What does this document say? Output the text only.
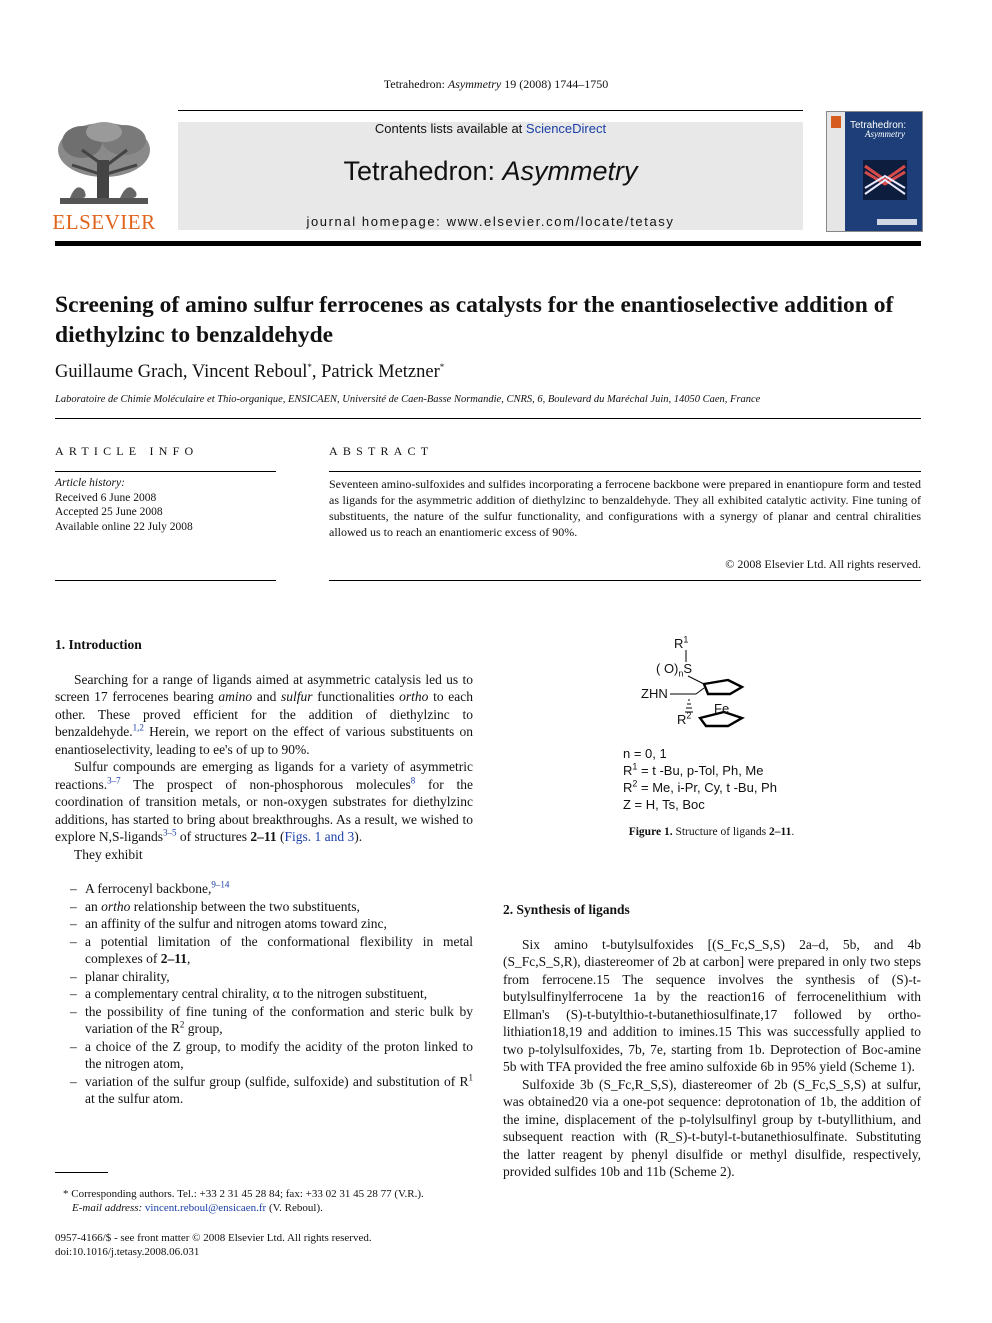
Tetrahedron: Asymmetry 19 (2008) 1744–1750
ELSEVIER
Contents lists available at ScienceDirect
Tetrahedron: Asymmetry
journal homepage: www.elsevier.com/locate/tetasy
Tetrahedron:
Asymmetry
Screening of amino sulfur ferrocenes as catalysts for the enantioselective addition of diethylzinc to benzaldehyde
Guillaume Grach, Vincent Reboul*, Patrick Metzner*
Laboratoire de Chimie Moléculaire et Thio-organique, ENSICAEN, Université de Caen-Basse Normandie, CNRS, 6, Boulevard du Maréchal Juin, 14050 Caen, France
ARTICLE INFO
Article history:
Received 6 June 2008
Accepted 25 June 2008
Available online 22 July 2008
ABSTRACT
Seventeen amino-sulfoxides and sulfides incorporating a ferrocene backbone were prepared in enantiopure form and tested as ligands for the asymmetric addition of diethylzinc to benzaldehyde. They all exhibited catalytic activity. Fine tuning of substituents, the nature of the sulfur functionality, and configurations with a synergy of planar and central chiralities allowed us to reach an enantiomeric excess of 90%.
© 2008 Elsevier Ltd. All rights reserved.
1. Introduction

Searching for a range of ligands aimed at asymmetric catalysis led us to screen 17 ferrocenes bearing amino and sulfur functionalities ortho to each other. These proved efficient for the addition of diethylzinc to benzaldehyde.$^{1,2}$ Herein, we report on the effect of various substituents on enantioselectivity, leading to ee's of up to 90%.

Sulfur compounds are emerging as ligands for a variety of asymmetric reactions.$^{3-7}$ The prospect of non-phosphorous molecules$^8$ for the coordination of transition metals, or non-oxygen substrates for diethylzinc additions, has started to bring about breakthroughs. As a result, we wished to explore N,S-ligands$^{3-5}$ of structures 2–11 (Figs. 1 and 3).

They exhibit

– A ferrocenyl backbone,$^{9-14}$
– an ortho relationship between the two substituents,
– an affinity of the sulfur and nitrogen atoms toward zinc,
– a potential limitation of the conformational flexibility in metal complexes of 2–11,
– planar chirality,
– a complementary central chirality, α to the nitrogen substituent,
– the possibility of fine tuning of the conformation and steric bulk by variation of the $R^2$ group,
– a choice of the Z group, to modify the acidity of the proton linked to the nitrogen atom,
– variation of the sulfur group (sulfide, sulfoxide) and substitution of $R^1$ at the sulfur atom.
* Corresponding authors. Tel.: +33 2 31 45 28 84; fax: +33 02 31 45 28 77 (V.R.).
E-mail address: vincent.reboul@ensicaen.fr (V. Reboul).
0957-4166/$ - see front matter © 2008 Elsevier Ltd. All rights reserved.
doi:10.1016/j.tetasy.2008.06.031
$R^1$
( $O)_nS$
ZHN
Fe
$R^2$
n = 0, 1
$R^1 = t$ -Bu, p-Tol, Ph, Me
$R^2 = Me$, i-Pr, Cy, t -Bu, Ph
Z = H, Ts, Boc
Figure 1. Structure of ligands 2–11.
2. Synthesis of ligands

Six amino t-butylsulfoxides [(S_Fc,S_S,S) 2a–d, 5b, and 4b (S_Fc,S_S,R), diastereomer of 2b at carbon] were prepared in only two steps from ferrocene.15 The sequence involves the synthesis of (S)-t-butylsulfinylferrocene 1a by the reaction16 of ferrocenelithium with Ellman's (S)-t-butylthio-t-butanethiosulfinate,17 followed by ortho-lithiation18,19 and addition to imines.15 This was successfully applied to two p-tolylsulfoxides, 7b, 7e, starting from 1b. Deprotection of Boc-amine 5b with TFA provided the free amino sulfoxide 6b in 95% yield (Scheme 1).

Sulfoxide 3b (S_Fc,R_S,S), diastereomer of 2b (S_Fc,S_S,S) at sulfur, was obtained20 via a one-pot sequence: deprotonation of 1b, the addition of the imine, displacement of the p-tolylsulfinyl group by t-butyllithium, and subsequent reaction with (R_S)-t-butyl-t-butanethiosulfinate. Substituting the latter reagent by phenyl disulfide or methyl disulfide, respectively, provided sulfides 10b and 11b (Scheme 2).
